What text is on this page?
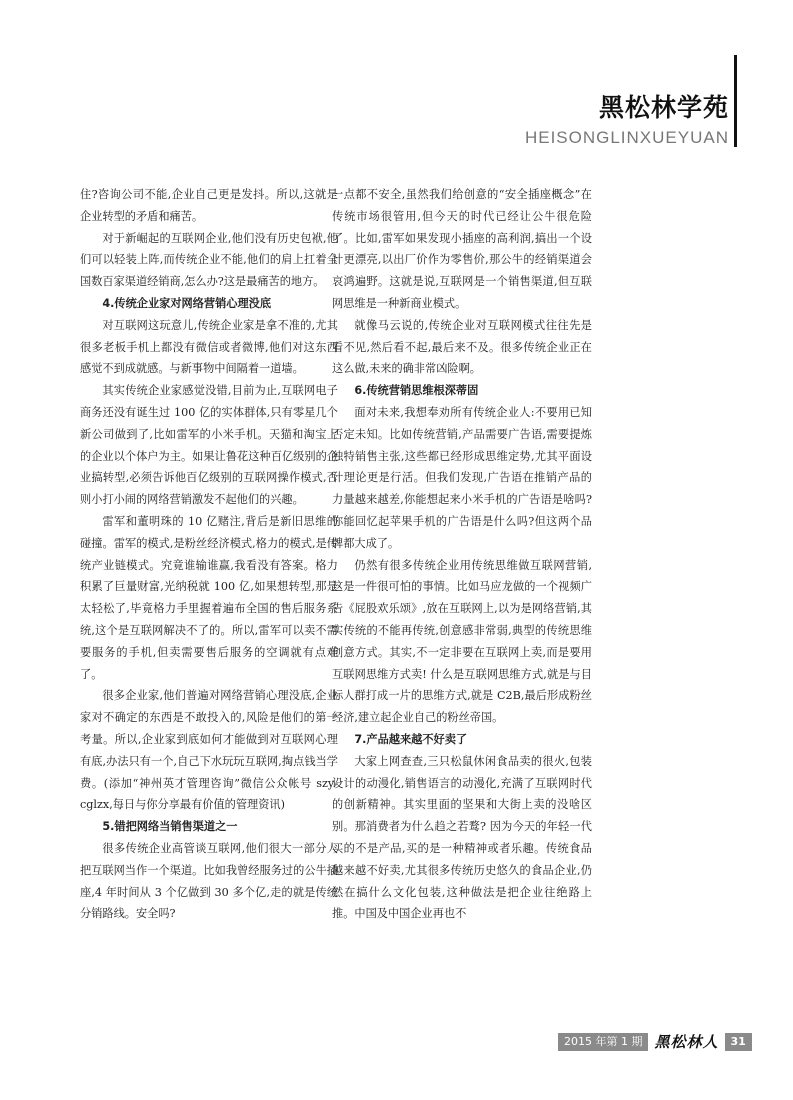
黑松林学苑
HEISONGLINXUEYUAN

住?咨询公司不能,企业自己更是发抖。所以,这就是企业转型的矛盾和痛苦。

对于新崛起的互联网企业,他们没有历史包袱,他们可以轻装上阵,而传统企业不能,他们的肩上扛着全国数百家渠道经销商,怎么办?这是最痛苦的地方。

4.传统企业家对网络营销心理没底

对互联网这玩意儿,传统企业家是拿不准的,尤其很多老板手机上都没有微信或者微博,他们对这东西感觉不到成就感。与新事物中间隔着一道墙。

其实传统企业家感觉没错,目前为止,互联网电子商务还没有诞生过 100 亿的实体群体,只有零星几个新公司做到了,比如雷军的小米手机。天猫和淘宝上的企业以个体户为主。如果让鲁花这种百亿级别的企业搞转型,必须告诉他百亿级别的互联网操作模式,否则小打小闹的网络营销激发不起他们的兴趣。

雷军和董明珠的 10 亿赌注,背后是新旧思维的碰撞。雷军的模式,是粉丝经济模式,格力的模式,是传统产业链模式。究竟谁输谁赢,我看没有答案。格力积累了巨量财富,光纳税就 100 亿,如果想转型,那是太轻松了,毕竟格力手里握着遍布全国的售后服务系统,这个是互联网解决不了的。所以,雷军可以卖不需要服务的手机,但卖需要售后服务的空调就有点难了。

很多企业家,他们普遍对网络营销心理没底,企业家对不确定的东西是不敢投入的,风险是他们的第一考量。所以,企业家到底如何才能做到对互联网心理有底,办法只有一个,自己下水玩玩互联网,掏点钱当学费。(添加“神州英才管理咨询”微信公众帐号 szy-cglzx,每日与你分享最有价值的管理资讯)

5.错把网络当销售渠道之一

很多传统企业高管谈互联网,他们很大一部分人把互联网当作一个渠道。比如我曾经服务过的公牛插座,4 年时间从 3 个亿做到 30 多个亿,走的就是传统分销路线。安全吗?

一点都不安全,虽然我们给创意的“安全插座概念”在传统市场很管用,但今天的时代已经让公牛很危险了。比如,雷军如果发现小插座的高利润,搞出一个设计更漂亮,以出厂价作为零售价,那公牛的经销渠道会哀鸿遍野。这就是说,互联网是一个销售渠道,但互联网思维是一种新商业模式。

就像马云说的,传统企业对互联网模式往往先是看不见,然后看不起,最后来不及。很多传统企业正在这么做,未来的确非常凶险啊。

6.传统营销思维根深蒂固

面对未来,我想奉劝所有传统企业人:不要用已知否定未知。比如传统营销,产品需要广告语,需要提炼独特销售主张,这些都已经形成思维定势,尤其平面设计理论更是行活。但我们发现,广告语在推销产品的力量越来越差,你能想起来小米手机的广告语是啥吗?你能回忆起苹果手机的广告语是什么吗?但这两个品牌都大成了。

仍然有很多传统企业用传统思维做互联网营销,这是一件很可怕的事情。比如马应龙做的一个视频广告《屁股欢乐颂》,放在互联网上,以为是网络营销,其实传统的不能再传统,创意感非常弱,典型的传统思维创意方式。其实,不一定非要在互联网上卖,而是要用互联网思维方式卖! 什么是互联网思维方式,就是与目标人群打成一片的思维方式,就是 C2B,最后形成粉丝经济,建立起企业自己的粉丝帝国。

7.产品越来越不好卖了

大家上网查查,三只松鼠休闲食品卖的很火,包装设计的动漫化,销售语言的动漫化,充满了互联网时代的创新精神。其实里面的坚果和大街上卖的没啥区别。那消费者为什么趋之若鹜? 因为今天的年轻一代买的不是产品,买的是一种精神或者乐趣。传统食品越来越不好卖,尤其很多传统历史悠久的食品企业,仍然在搞什么文化包装,这种做法是把企业往绝路上推。中国及中国企业再也不

2015 年第 1 期 黑松林人	31
